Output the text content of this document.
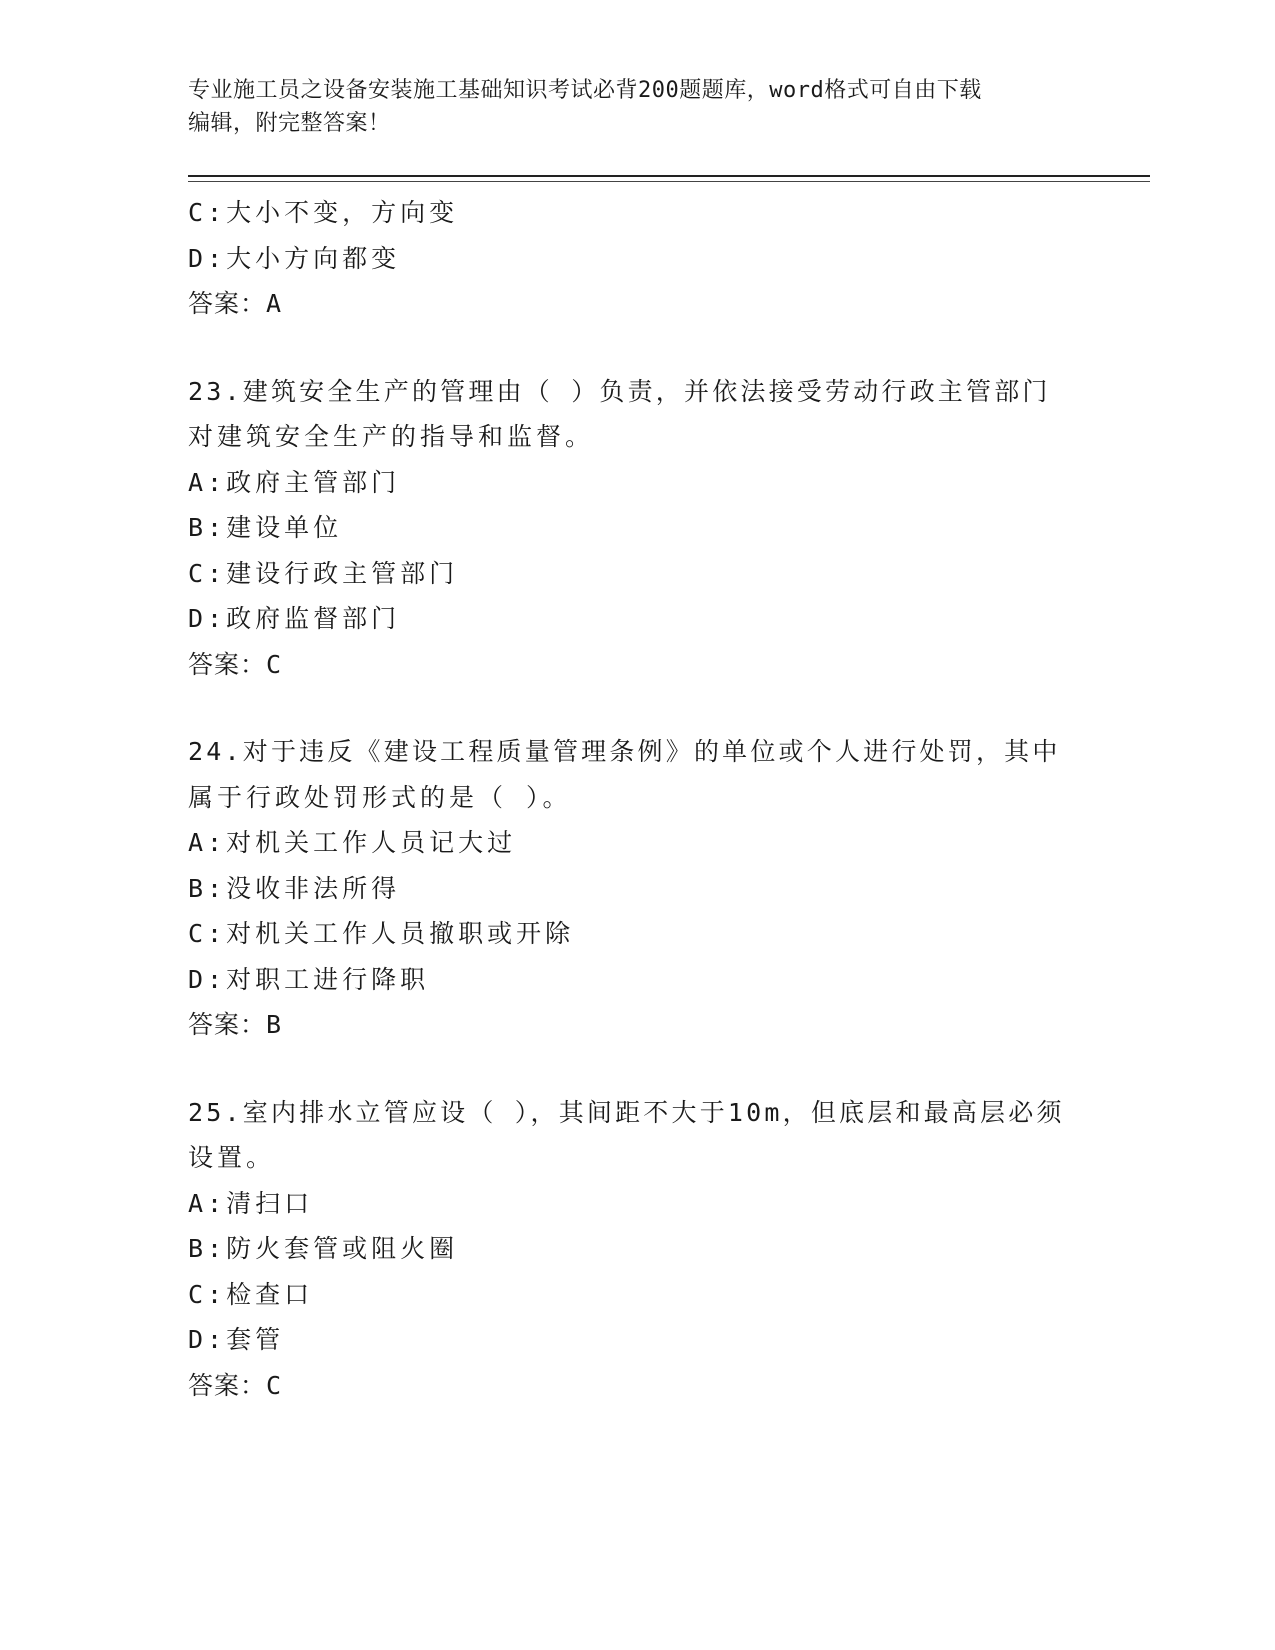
专业施工员之设备安装施工基础知识考试必背200题题库，word格式可自由下载
编辑，附完整答案！
C:大小不变，方向变
D:大小方向都变
答案：A
23.建筑安全生产的管理由（ ）负责，并依法接受劳动行政主管部门
对建筑安全生产的指导和监督。
A:政府主管部门
B:建设单位
C:建设行政主管部门
D:政府监督部门
答案：C
24.对于违反《建设工程质量管理条例》的单位或个人进行处罚，其中
属于行政处罚形式的是（ ）。
A:对机关工作人员记大过
B:没收非法所得
C:对机关工作人员撤职或开除
D:对职工进行降职
答案：B
25.室内排水立管应设（ ），其间距不大于10m，但底层和最高层必须
设置。
A:清扫口
B:防火套管或阻火圈
C:检查口
D:套管
答案：C
